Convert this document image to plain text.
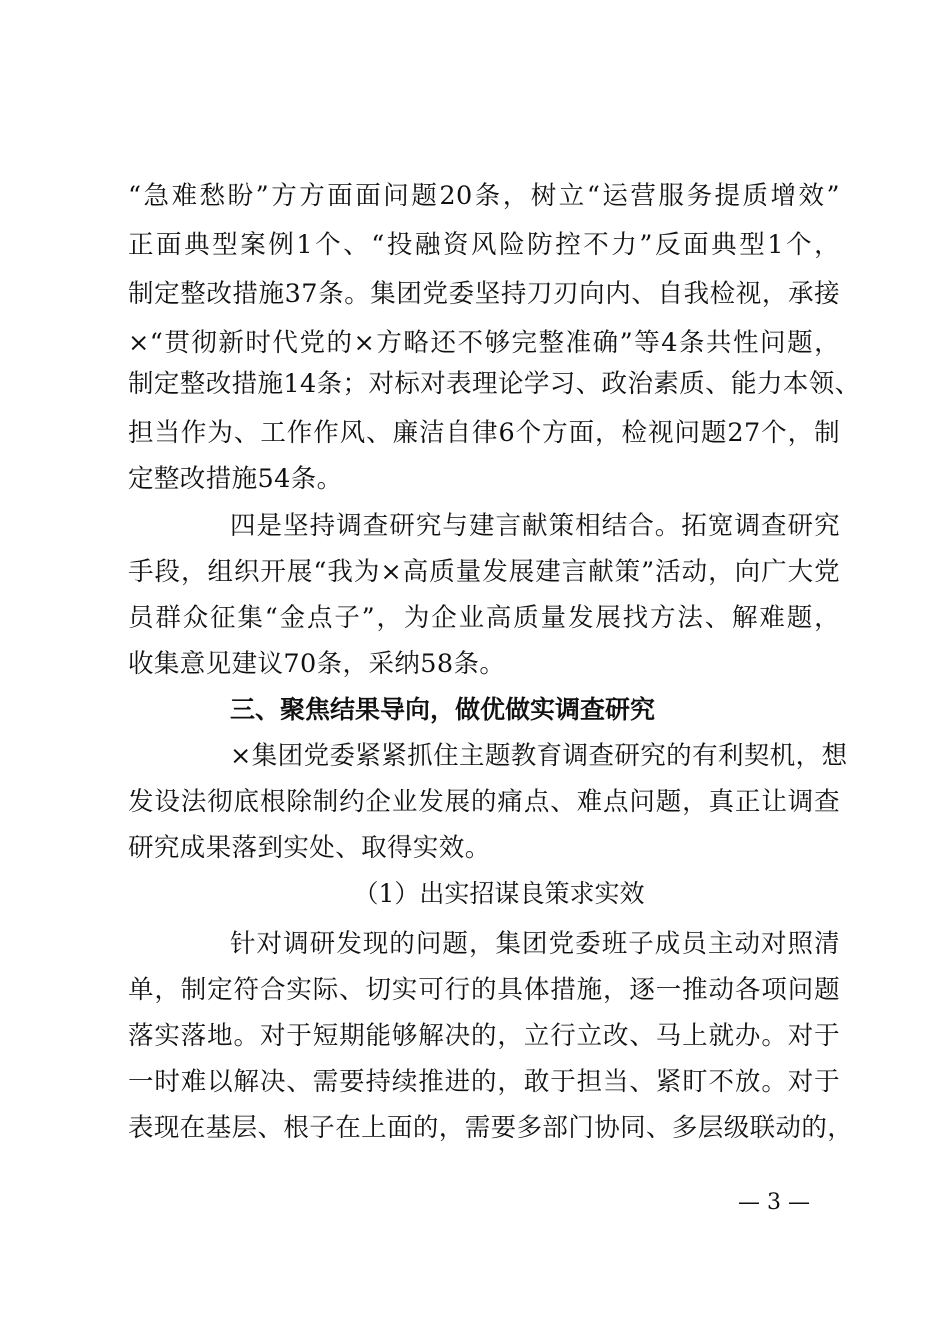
“急难愁盼”方方面面问题20条，树立“运营服务提质增效”
正面典型案例1个、“投融资风险防控不力”反面典型1个，
制定整改措施37条。集团党委坚持刀刃向内、自我检视，承接
×“贯彻新时代党的×方略还不够完整准确”等4条共性问题，
制定整改措施14条；对标对表理论学习、政治素质、能力本领、
担当作为、工作作风、廉洁自律6个方面，检视问题27个，制
定整改措施54条。
四是坚持调查研究与建言献策相结合。拓宽调查研究
手段，组织开展“我为×高质量发展建言献策”活动，向广大党
员群众征集“金点子”，为企业高质量发展找方法、解难题，
收集意见建议70条，采纳58条。
三、聚焦结果导向，做优做实调查研究
×集团党委紧紧抓住主题教育调查研究的有利契机，想
发设法彻底根除制约企业发展的痛点、难点问题，真正让调查
研究成果落到实处、取得实效。
（1）出实招谋良策求实效
针对调研发现的问题，集团党委班子成员主动对照清
单，制定符合实际、切实可行的具体措施，逐一推动各项问题
落实落地。对于短期能够解决的，立行立改、马上就办。对于
一时难以解决、需要持续推进的，敢于担当、紧盯不放。对于
表现在基层、根子在上面的，需要多部门协同、多层级联动的，
— 3 —
